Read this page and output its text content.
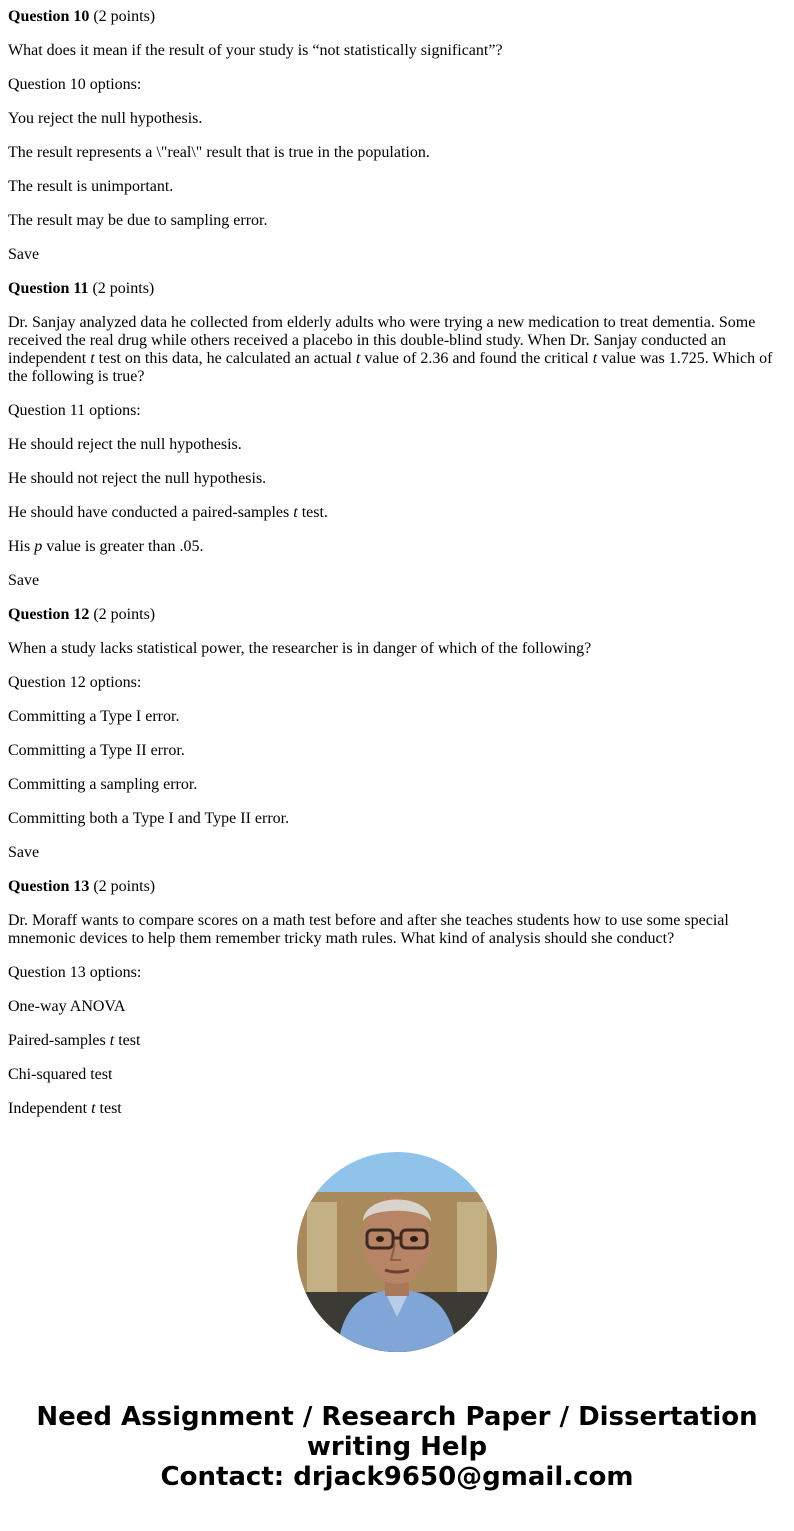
Question 10 (2 points)

What does it mean if the result of your study is “not statistically significant”?

Question 10 options:

You reject the null hypothesis.

The result represents a \"real\" result that is true in the population.

The result is unimportant.

The result may be due to sampling error.

Save

Question 11 (2 points)

Dr. Sanjay analyzed data he collected from elderly adults who were trying a new medication to treat dementia. Some received the real drug while others received a placebo in this double-blind study. When Dr. Sanjay conducted an independent t test on this data, he calculated an actual t value of 2.36 and found the critical t value was 1.725. Which of the following is true?

Question 11 options:

He should reject the null hypothesis.

He should not reject the null hypothesis.

He should have conducted a paired-samples t test.

His p value is greater than .05.

Save

Question 12 (2 points)

When a study lacks statistical power, the researcher is in danger of which of the following?

Question 12 options:

Committing a Type I error.

Committing a Type II error.

Committing a sampling error.

Committing both a Type I and Type II error.

Save

Question 13 (2 points)

Dr. Moraff wants to compare scores on a math test before and after she teaches students how to use some special mnemonic devices to help them remember tricky math rules. What kind of analysis should she conduct?

Question 13 options:

One-way ANOVA

Paired-samples t test

Chi-squared test

Independent t test

Need Assignment / Research Paper / Dissertation
writing Help
Contact: drjack9650@gmail.com
